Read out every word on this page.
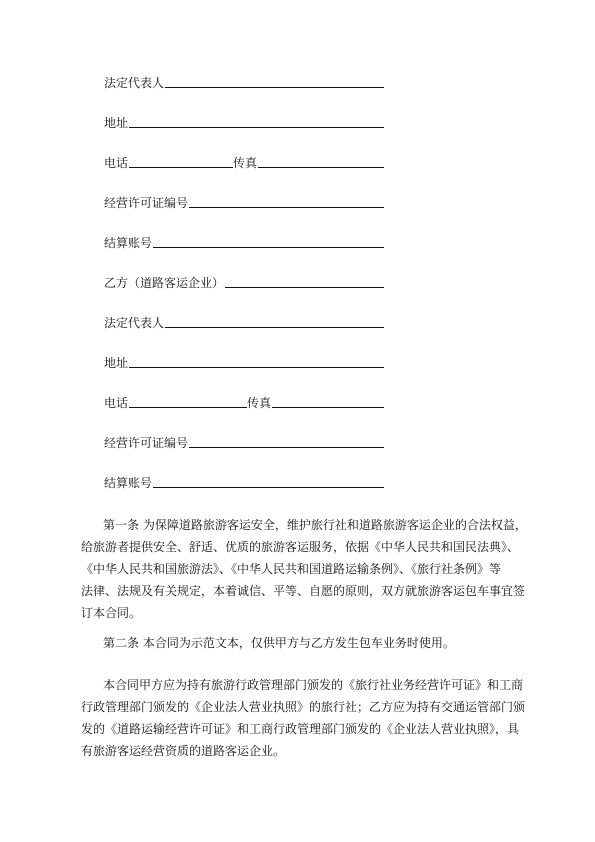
法定代表人
地址
电话	传真
经营许可证编号
结算账号
乙方（道路客运企业）
法定代表人
地址
电话	传真
经营许可证编号
结算账号
第一条 为保障道路旅游客运安全，维护旅行社和道路旅游客运企业的合法权益，
给旅游者提供安全、舒适、优质的旅游客运服务，依据《中华人民共和国民法典》、
《中华人民共和国旅游法》、《中华人民共和国道路运输条例》、《旅行社条例》等
法律、法规及有关规定，本着诚信、平等、自愿的原则，双方就旅游客运包车事宜签
订本合同。
第二条 本合同为示范文本，仅供甲方与乙方发生包车业务时使用。
本合同甲方应为持有旅游行政管理部门颁发的《旅行社业务经营许可证》和工商
行政管理部门颁发的《企业法人营业执照》的旅行社；乙方应为持有交通运管部门颁
发的《道路运输经营许可证》和工商行政管理部门颁发的《企业法人营业执照》，具
有旅游客运经营资质的道路客运企业。
